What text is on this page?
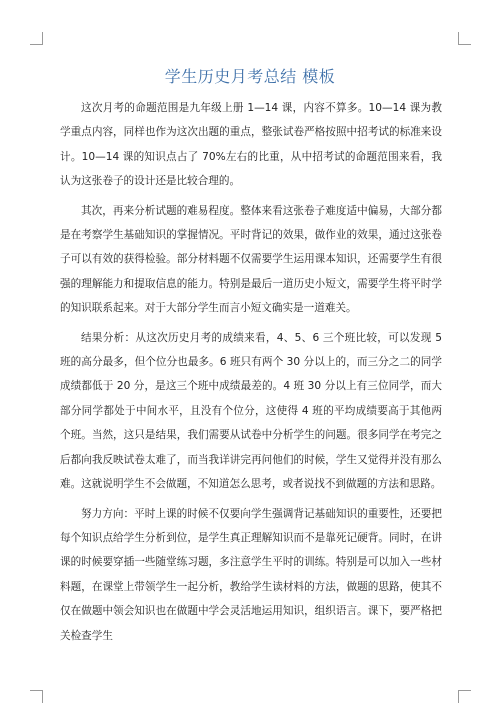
学生历史月考总结 模板

这次月考的命题范围是九年级上册 1—14 课，内容不算多。10—14 课为教学重点内容，同样也作为这次出题的重点，整张试卷严格按照中招考试的标准来设计。10—14 课的知识点占了 70%左右的比重，从中招考试的命题范围来看，我认为这张卷子的设计还是比较合理的。

其次，再来分析试题的难易程度。整体来看这张卷子难度适中偏易，大部分都是在考察学生基础知识的掌握情况。平时背记的效果，做作业的效果，通过这张卷子可以有效的获得检验。部分材料题不仅需要学生运用课本知识，还需要学生有很强的理解能力和提取信息的能力。特别是最后一道历史小短文，需要学生将平时学的知识联系起来。对于大部分学生而言小短文确实是一道难关。

结果分析：从这次历史月考的成绩来看，4、5、6 三个班比较，可以发现 5 班的高分最多，但个位分也最多。6 班只有两个 30 分以上的，而三分之二的同学成绩都低于 20 分，是这三个班中成绩最差的。4 班 30 分以上有三位同学，而大部分同学都处于中间水平，且没有个位分，这使得 4 班的平均成绩要高于其他两个班。当然，这只是结果，我们需要从试卷中分析学生的问题。很多同学在考完之后都向我反映试卷太难了，而当我详讲完再问他们的时候，学生又觉得并没有那么难。这就说明学生不会做题，不知道怎么思考，或者说找不到做题的方法和思路。

努力方向：平时上课的时候不仅要向学生强调背记基础知识的重要性，还要把每个知识点给学生分析到位，是学生真正理解知识而不是靠死记硬背。同时，在讲课的时候要穿插一些随堂练习题，多注意学生平时的训练。特别是可以加入一些材料题，在课堂上带领学生一起分析，教给学生读材料的方法，做题的思路，使其不仅在做题中领会知识也在做题中学会灵活地运用知识，组织语言。课下，要严格把关检查学生
